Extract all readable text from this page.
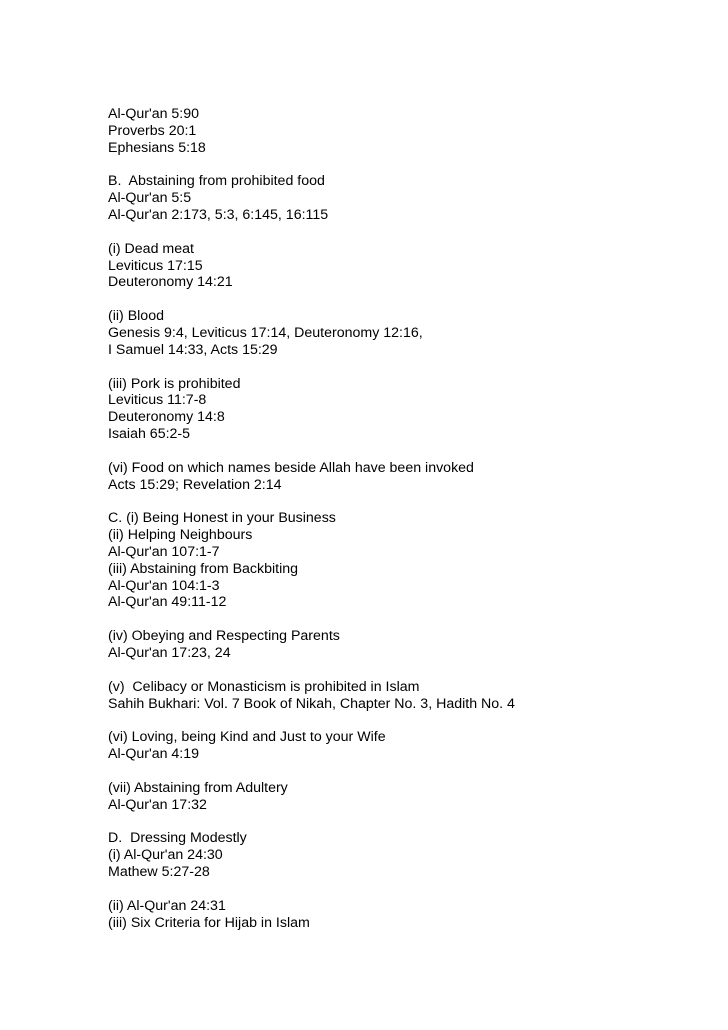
Al-Qur'an 5:90
Proverbs 20:1
Ephesians 5:18
B.  Abstaining from prohibited food
Al-Qur'an 5:5
Al-Qur'an 2:173, 5:3, 6:145, 16:115
(i) Dead meat
Leviticus 17:15
Deuteronomy 14:21
(ii) Blood
Genesis 9:4, Leviticus 17:14, Deuteronomy 12:16,
I Samuel 14:33, Acts 15:29
(iii) Pork is prohibited
Leviticus 11:7-8
Deuteronomy 14:8
Isaiah 65:2-5
(vi) Food on which names beside Allah have been invoked
Acts 15:29; Revelation 2:14
C. (i) Being Honest in your Business
(ii) Helping Neighbours
Al-Qur'an 107:1-7
(iii) Abstaining from Backbiting
Al-Qur'an 104:1-3
Al-Qur'an 49:11-12
(iv) Obeying and Respecting Parents
Al-Qur'an 17:23, 24
(v)  Celibacy or Monasticism is prohibited in Islam
Sahih Bukhari: Vol. 7 Book of Nikah, Chapter No. 3, Hadith No. 4
(vi) Loving, being Kind and Just to your Wife
Al-Qur'an 4:19
(vii) Abstaining from Adultery
Al-Qur'an 17:32
D.  Dressing Modestly
(i) Al-Qur'an 24:30
Mathew 5:27-28
(ii) Al-Qur'an 24:31
(iii) Six Criteria for Hijab in Islam
